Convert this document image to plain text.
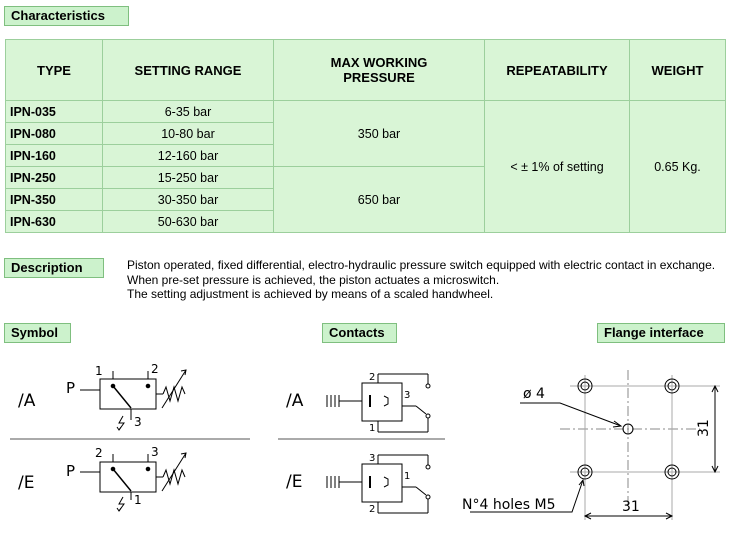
Characteristics
TYPE	SETTING RANGE	MAX WORKING PRESSURE	REPEATABILITY	WEIGHT
IPN-035	6-35 bar	350 bar	< ± 1% of setting	0.65 Kg.
IPN-080	10-80 bar			
IPN-160	12-160 bar			
IPN-250	15-250 bar	650 bar		
IPN-350	30-350 bar			
IPN-630	50-630 bar			
Description	Piston operated, fixed differential, electro-hydraulic pressure switch equipped with electric contact in exchange. When pre-set pressure is achieved, the piston actuates a microswitch.

The setting adjustment is achieved by means of a scaled handwheel.

Symbol	Contacts	Flange interface
/A
P
1	2
3
/E
P
2	3
1
/A
2
3
1
/E
3
1
2
ø 4
N°4 holes M5	31
31
